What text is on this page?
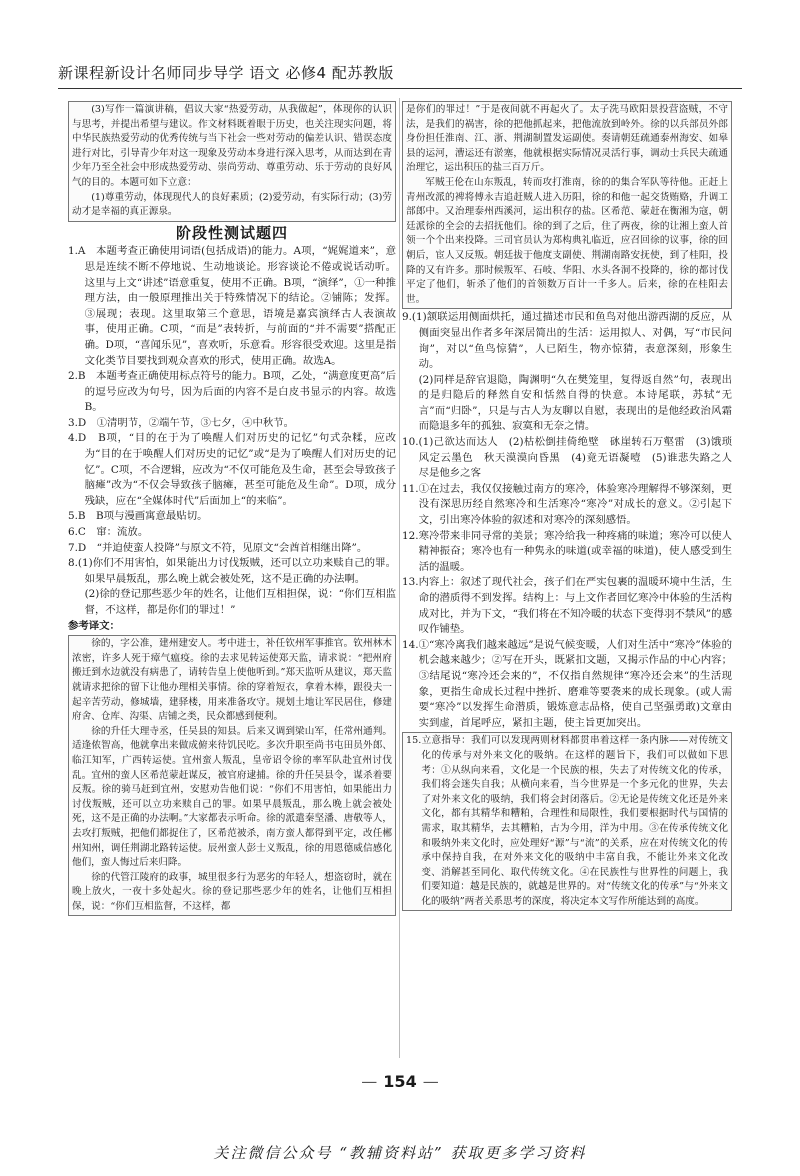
新课程新设计名师同步导学 语文 必修4 配苏教版

(3)写作一篇演讲稿，倡议大家“热爱劳动，从我做起”，体现你的认识与思考，并提出希望与建议。作文材料既着眼于历史，也关注现实问题，将中华民族热爱劳动的优秀传统与当下社会一些对劳动的偏差认识、错误态度进行对比，引导青少年对这一现象及劳动本身进行深入思考，从而达到在青少年乃至全社会中形成热爱劳动、崇尚劳动、尊重劳动、乐于劳动的良好风气的目的。本题可如下立意：

(1)尊重劳动，体现现代人的良好素质；(2)爱劳动，有实际行动；(3)劳动才是幸福的真正源泉。

阶段性测试题四

1.A　本题考查正确使用词语(包括成语)的能力。A项，“娓娓道来”，意思是连续不断不停地说、生动地谈论。形容谈论不倦或说话动听。这里与上文“讲述”语意重复，使用不正确。B项，“演绎”，①一种推理方法，由一般原理推出关于特殊情况下的结论。②铺陈；发挥。③展现；表现。这里取第三个意思，语境是嘉宾演绎古人表演故事，使用正确。C项，“而是”表转折，与前面的“并不需要”搭配正确。D项，“喜闻乐见”，喜欢听，乐意看。形容很受欢迎。这里是指文化类节目要找到观众喜欢的形式，使用正确。故选A。

2.B　本题考查正确使用标点符号的能力。B项，乙处，“满意度更高”后的逗号应改为句号，因为后面的内容不是白皮书显示的内容。故选B。

3.D　①清明节，②端午节，③七夕，④中秋节。

4.D　B项，“目的在于为了唤醒人们对历史的记忆”句式杂糅，应改为“目的在于唤醒人们对历史的记忆”或“是为了唤醒人们对历史的记忆”。C项，不合逻辑，应改为“不仅可能危及生命，甚至会导致孩子脑瘫”改为“不仅会导致孩子脑瘫，甚至可能危及生命”。D项，成分残缺，应在“全媒体时代”后面加上“的来临”。

5.B　B项与漫画寓意最贴切。

6.C　窜：流放。

7.D　“并迫使蛮人投降”与原文不符，见原文“会酋首相继出降”。

8.(1)你们不用害怕，如果能出力讨伐叛贼，还可以立功来赎自己的罪。如果早晨叛乱，那么晚上就会被处死，这不是正确的办法啊。

(2)徐的登记那些恶少年的姓名，让他们互相担保，说：“你们互相监督，不这样，都是你们的罪过！”

参考译文：

徐的，字公准，建州建安人。考中进士，补任钦州军事推官。钦州林木浓密，许多人死于瘴气瘟疫。徐的去求见转运使郑天监，请求说：“把州府搬迁到水边就没有病患了，请转告皇上使他听到。”郑天监听从建议，郑天监就请求把徐的留下让他办理相关事情。徐的穿着短衣，拿着木棒，跟役夫一起辛苦劳动，修城墙，建驿楼，用来准备攻守。规划土地让军民居住，修建府舍、仓库、沟渠、店铺之类，民众都感到便利。

徐的升任大理寺丞，任吴县的知县。后来又调到梁山军，任常州通判。适逢侬智高，他就拿出来做成俯来待饥民吃。多次升职至尚书屯田员外郎、临江知军，广西转运使。宜州蛮人叛乱，皇帝诏令徐的率军队赴宜州讨伐乱。宜州的蛮人区希范蒙赶谋反，被官府逮捕。徐的升任吴县令，谋杀着要反叛。徐的骑马赶到宜州，安慰劝告他们说：“你们不用害怕，如果能出力讨伐叛贼，还可以立功来赎自己的罪。如果早晨叛乱，那么晚上就会被处死，这不是正确的办法啊。”大家都表示听命。徐的派遣秦坚潘、唐敬等人，去攻打叛贼，把他们都捉住了，区希范被杀，南方蛮人都得到平定，改任郴州知州，调任荆湖北路转运使。辰州蛮人彭士义叛乱，徐的用恩德威信感化他们，蛮人悔过后来归降。

徐的代管江陵府的政事，城里很多行为恶劣的年轻人，想盗窃时，就在晚上放火，一夜十多处起火。徐的登记那些恶少年的姓名，让他们互相担保，说：“你们互相监督，不这样，都

是你们的罪过！”于是夜间就不再起火了。太子洗马欧阳景投营盗贼，不守法，是我们的祸害，徐的把他抓起来，把他流放到岭外。徐的以兵部员外郎身份担任淮南、江、浙、荆湖制置发运副使。奏请朝廷疏通泰州海安、如皋县的运河，漕运还有淤塞，他就根据实际情况灵活行事，调动士兵民夫疏通治理它，运出积压的盐三百万斤。

军贼王伦在山东叛乱，转而攻打淮南，徐的的集合军队等待他。正赶上青州改派的裨将傅永吉追赶贼人进入历阳，徐的和他一起交货贿赂，升调工部郎中。又治理泰州西溪河，运出积存的盐。区希范、蒙赶在衡湘为寇，朝廷派徐的全会的去招抚他们。徐的到了之后，住了两夜，徐的让湘上蛮人首领一个个出来投降。三司官员认为郑构典礼临近，应召回徐的议事，徐的回朝后，宦人又反叛。朝廷拔于他度支副使、荆湖南路安抚使，到了桂阳，投降的又有许多。那时候叛军、石岐、华阳、水头各洞不投降的，徐的都讨伐平定了他们，斩杀了他们的首领数万百计一千多人。后来，徐的在桂阳去世。

9.(1)颔联运用侧面烘托，通过描述市民和鱼鸟对他出游西湖的反应，从侧面突显出作者多年深居简出的生活：运用拟人、对偶，写“市民问询”，对以“鱼鸟惊猜”，人已陌生，物亦惊猜，表意深刻，形象生动。

(2)同样是辞官退隐，陶渊明“久在樊笼里，复得返自然”句，表现出的是归隐后的释然自安和恬然自得的快意。本诗尾联，苏轼“无言”而“归卧”，只是与古人为友聊以自慰，表现出的是他经政治风霜而隐退多年的孤独、寂寞和无奈之情。

10.(1)己欲达而达人　(2)枯松倒挂倚绝壁　砯崖转石万壑雷　(3)饿琐风定云墨色　秋天漠漠向昏黑　(4)竟无语凝噎　(5)谁悲失路之人　尽是他乡之客

11.①在过去，我仅仅接触过南方的寒冷，体验寒冷理解得不够深刻，更没有深思历经自然寒冷和生活寒冷“寒冷”对成长的意义。②引起下文，引出寒冷体验的叙述和对寒冷的深刻感悟。

12.寒冷带来非同寻常的美景；寒冷给我一种疼痛的味道；寒冷可以使人精神振奋；寒冷也有一种隽永的味道(或幸福的味道)，使人感受到生活的温暖。

13.内容上：叙述了现代社会，孩子们在严实包裹的温暖环境中生活，生命的潜质得不到发挥。结构上：与上文作者回忆寒冷中体验的生活构成对比，并为下文，“我们将在不知冷暖的状态下变得羽不禁风”的感叹作铺垫。

14.①“寒冷离我们越来越远”是说气候变暖，人们对生活中“寒冷”体验的机会越来越少；②写在开头，既紧扣文题，又揭示作品的中心内容；③结尾说“寒冷还会来的”，不仅指自然规律“寒冷还会来”的生活现象，更指生命成长过程中挫折、磨难等要袭来的成长现象。(或人需要“寒冷”以发挥生命潜质，锻炼意志品格，使自己坚强勇敢)文章由实到虚，首尾呼应，紧扣主题，使主旨更加突出。

15.立意指导：我们可以发现两则材料都贯串着这样一条内脉——对传统文化的传承与对外来文化的吸纳。在这样的题旨下，我们可以做如下思考：①从纵向来看，文化是一个民族的根，失去了对传统文化的传承，我们将会迷失自我；从横向来看，当今世界是一个多元化的世界，失去了对外来文化的吸纳，我们将会封闭落后。②无论是传统文化还是外来文化，都有其精华和糟粕，合理性和局限性，我们要根据时代与国情的需求，取其精华，去其糟粕，古为今用，洋为中用。③在传承传统文化和吸纳外来文化时，应处理好“源”与“流”的关系，应在对传统文化的传承中保持自我，在对外来文化的吸纳中丰富自我，不能让外来文化改变、消解甚至同化、取代传统文化。④在民族性与世界性的问题上，我们要知道：越是民族的，就越是世界的。对“传统文化的传承”与“外来文化的吸纳”两者关系思考的深度，将决定本文写作所能达到的高度。

— 154 —
关注微信公众号 “教辅资料站” 获取更多学习资料
